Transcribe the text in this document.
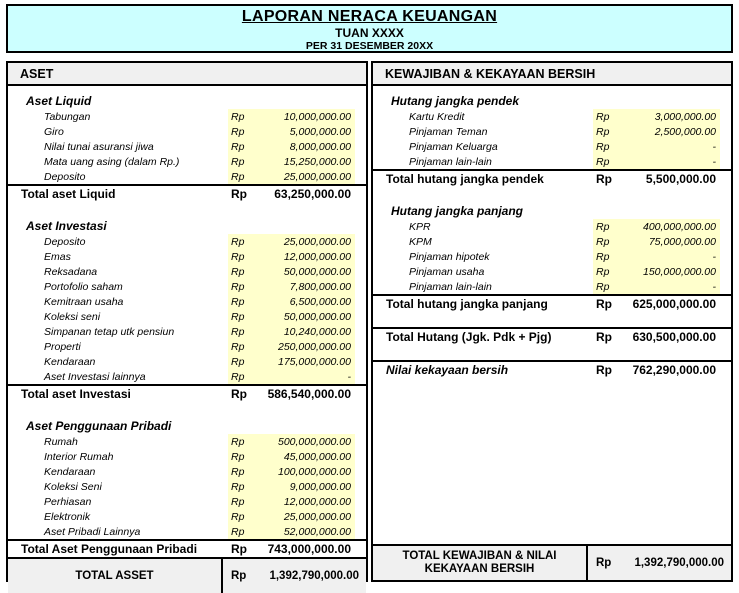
LAPORAN NERACA KEUANGAN
TUAN XXXX
PER 31 DESEMBER 20XX
ASET
Aset Liquid
Tabungan	Rp	10,000,000.00
Giro	Rp	5,000,000.00
Nilai tunai asuransi jiwa	Rp	8,000,000.00
Mata uang asing (dalam Rp.)	Rp	15,250,000.00
Deposito	Rp	25,000,000.00
Total aset Liquid	Rp	63,250,000.00
Aset Investasi
Deposito	Rp	25,000,000.00
Emas	Rp	12,000,000.00
Reksadana	Rp	50,000,000.00
Portofolio saham	Rp	7,800,000.00
Kemitraan usaha	Rp	6,500,000.00
Koleksi seni	Rp	50,000,000.00
Simpanan tetap utk pensiun	Rp	10,240,000.00
Properti	Rp	250,000,000.00
Kendaraan	Rp	175,000,000.00
Aset Investasi lainnya	Rp	-
Total aset Investasi	Rp	586,540,000.00
Aset Penggunaan Pribadi
Rumah	Rp	500,000,000.00
Interior Rumah	Rp	45,000,000.00
Kendaraan	Rp	100,000,000.00
Koleksi Seni	Rp	9,000,000.00
Perhiasan	Rp	12,000,000.00
Elektronik	Rp	25,000,000.00
Aset Pribadi Lainnya	Rp	52,000,000.00
Total Aset Penggunaan Pribadi	Rp	743,000,000.00
TOTAL ASSET	Rp	1,392,790,000.00
KEWAJIBAN & KEKAYAAN BERSIH
Hutang jangka pendek
Kartu Kredit	Rp	3,000,000.00
Pinjaman Teman	Rp	2,500,000.00
Pinjaman Keluarga	Rp	-
Pinjaman lain-lain	Rp	-
Total hutang jangka pendek	Rp	5,500,000.00
Hutang jangka panjang
KPR	Rp	400,000,000.00
KPM	Rp	75,000,000.00
Pinjaman hipotek	Rp	-
Pinjaman usaha	Rp	150,000,000.00
Pinjaman lain-lain	Rp	-
Total hutang jangka panjang	Rp	625,000,000.00
Total Hutang (Jgk. Pdk + Pjg)	Rp	630,500,000.00
Nilai kekayaan bersih	Rp	762,290,000.00
TOTAL KEWAJIBAN & NILAI KEKAYAAN BERSIH	Rp	1,392,790,000.00
